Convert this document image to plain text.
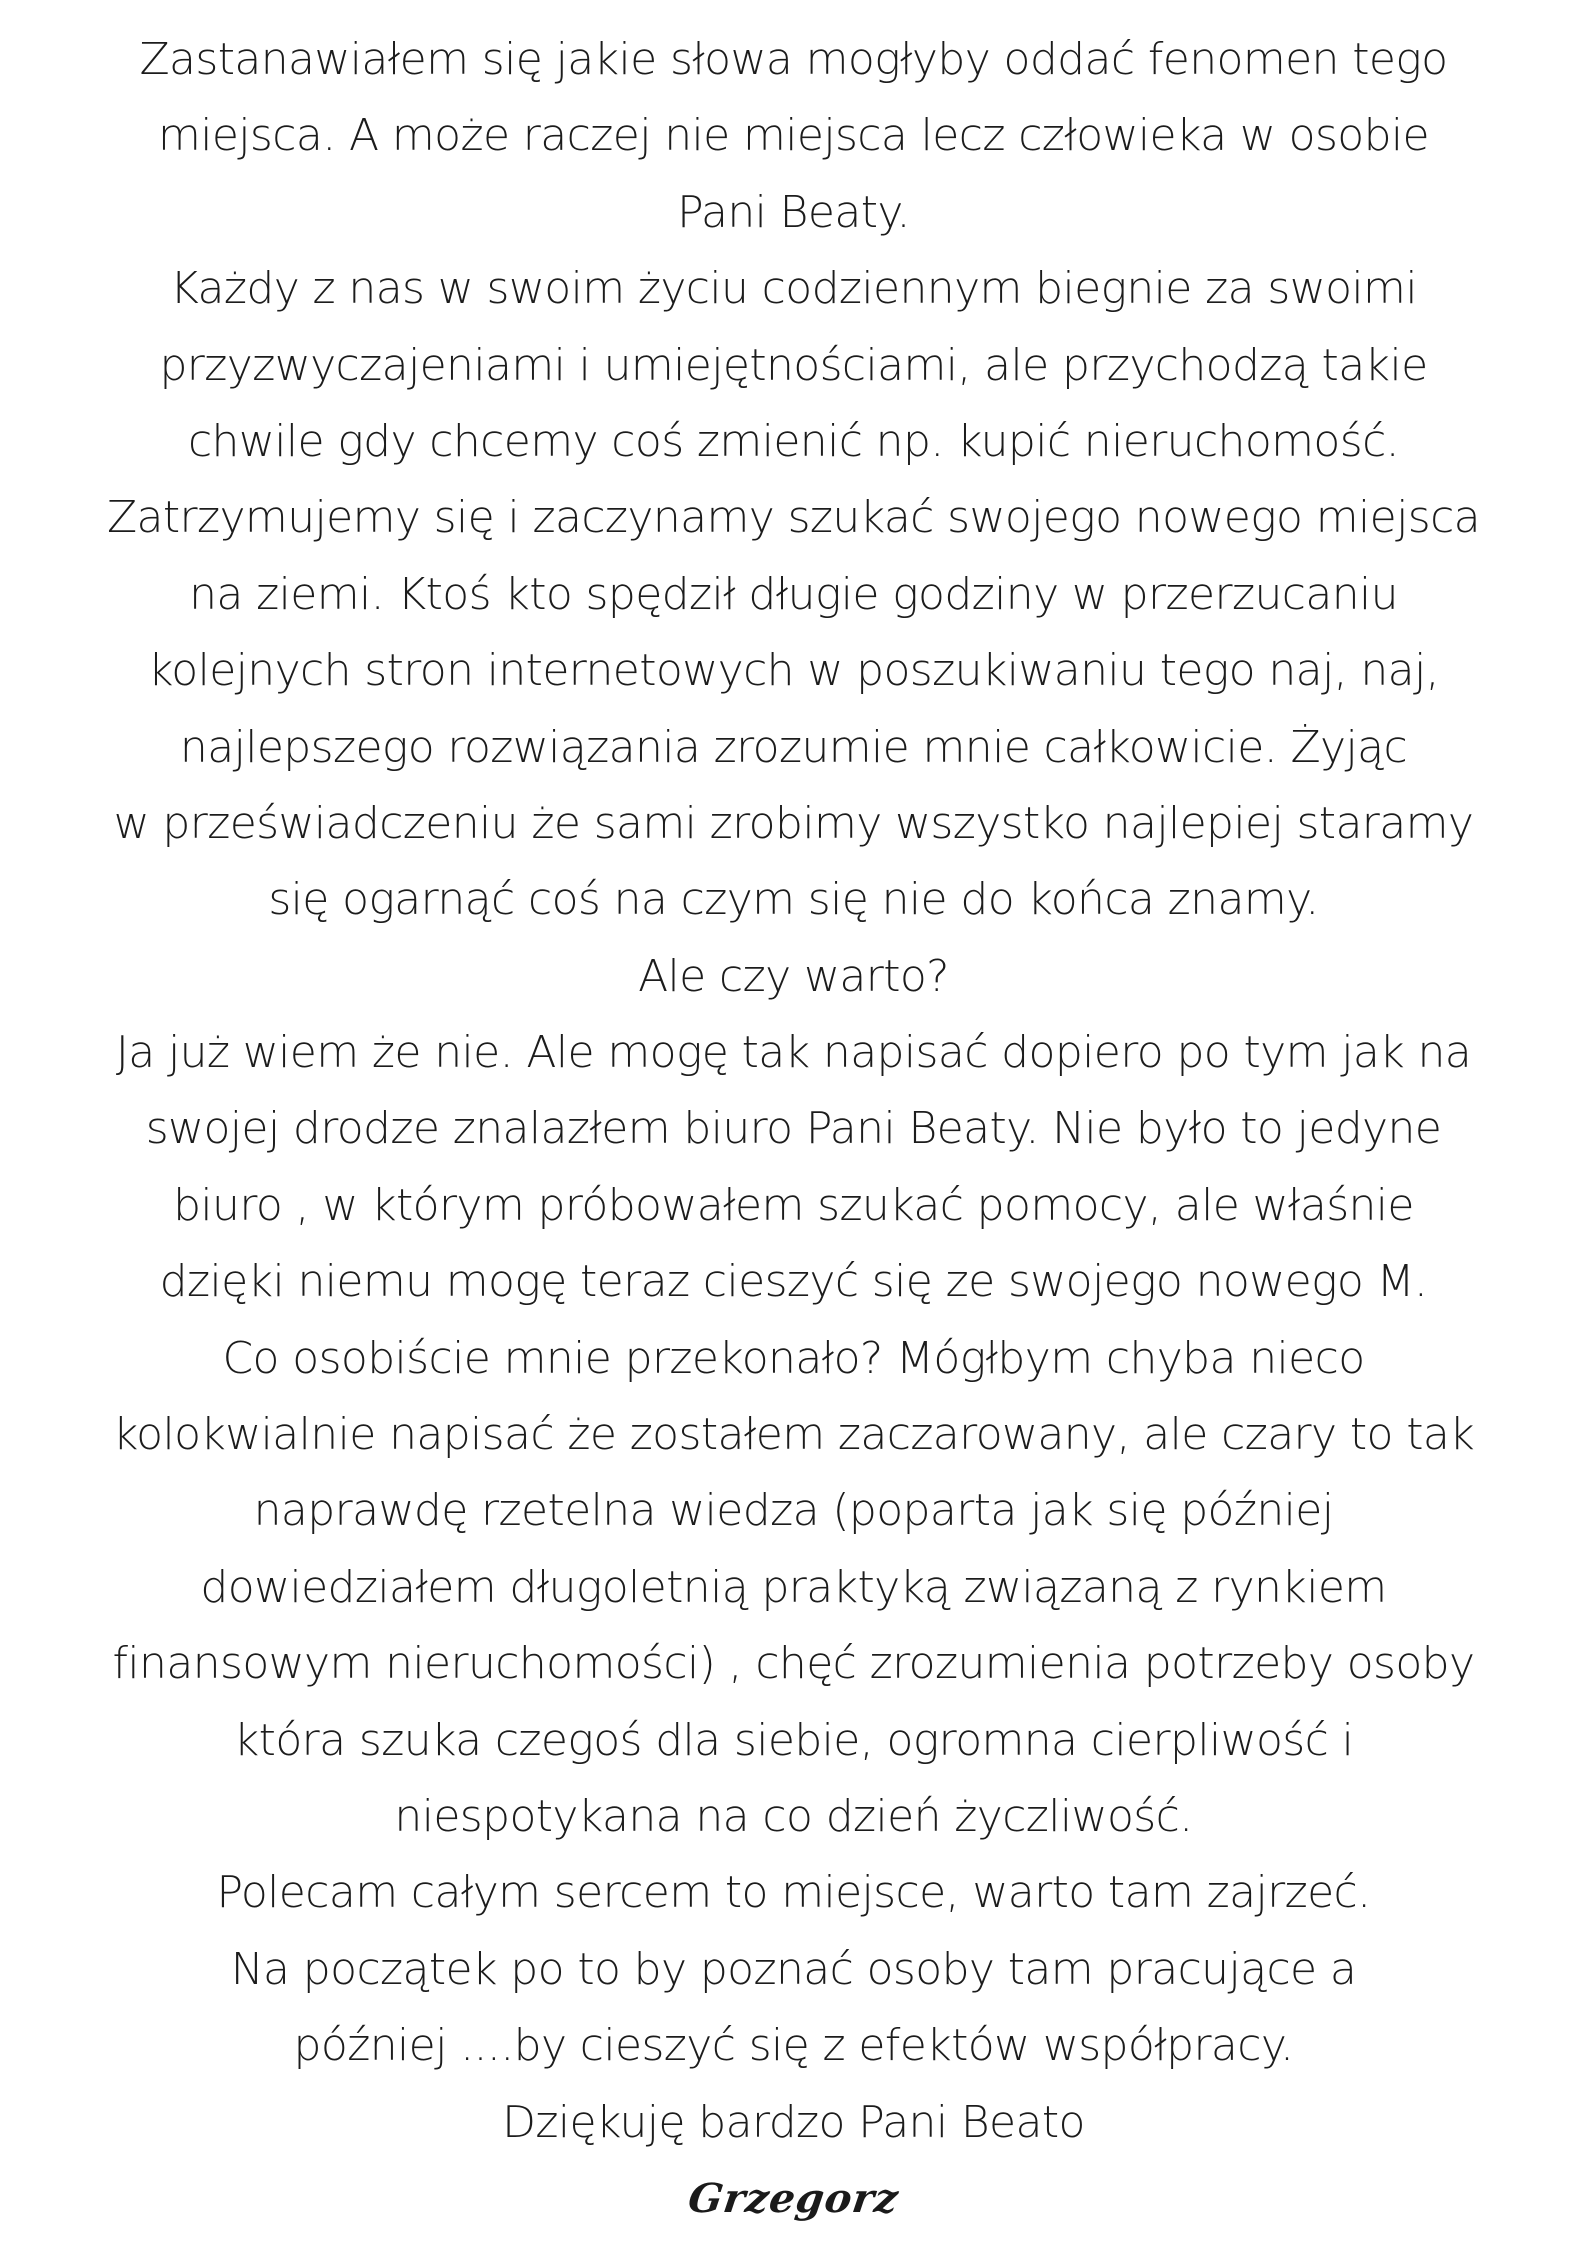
Zastanawiałem się jakie słowa mogłyby oddać fenomen tego
miejsca. A może raczej nie miejsca lecz człowieka w osobie
Pani Beaty.
Każdy z nas w swoim życiu codziennym biegnie za swoimi
przyzwyczajeniami i umiejętnościami, ale przychodzą takie
chwile gdy chcemy coś zmienić np. kupić nieruchomość.
Zatrzymujemy się i zaczynamy szukać swojego nowego miejsca
na ziemi. Ktoś kto spędził długie godziny w przerzucaniu
kolejnych stron internetowych w poszukiwaniu tego naj, naj,
najlepszego rozwiązania zrozumie mnie całkowicie. Żyjąc
w przeświadczeniu że sami zrobimy wszystko najlepiej staramy
się ogarnąć coś na czym się nie do końca znamy.
Ale czy warto?
Ja już wiem że nie. Ale mogę tak napisać dopiero po tym jak na
swojej drodze znalazłem biuro Pani Beaty. Nie było to jedyne
biuro , w którym próbowałem szukać pomocy, ale właśnie
dzięki niemu mogę teraz cieszyć się ze swojego nowego M.
Co osobiście mnie przekonało? Mógłbym chyba nieco
kolokwialnie napisać że zostałem zaczarowany, ale czary to tak
naprawdę rzetelna wiedza (poparta jak się później
dowiedziałem długoletnią praktyką związaną z rynkiem
finansowym nieruchomości) , chęć zrozumienia potrzeby osoby
która szuka czegoś dla siebie, ogromna cierpliwość i
niespotykana na co dzień życzliwość.
Polecam całym sercem to miejsce, warto tam zajrzeć.
Na początek po to by poznać osoby tam pracujące a
później ....by cieszyć się z efektów współpracy.
Dziękuję bardzo Pani Beato
Grzegorz
